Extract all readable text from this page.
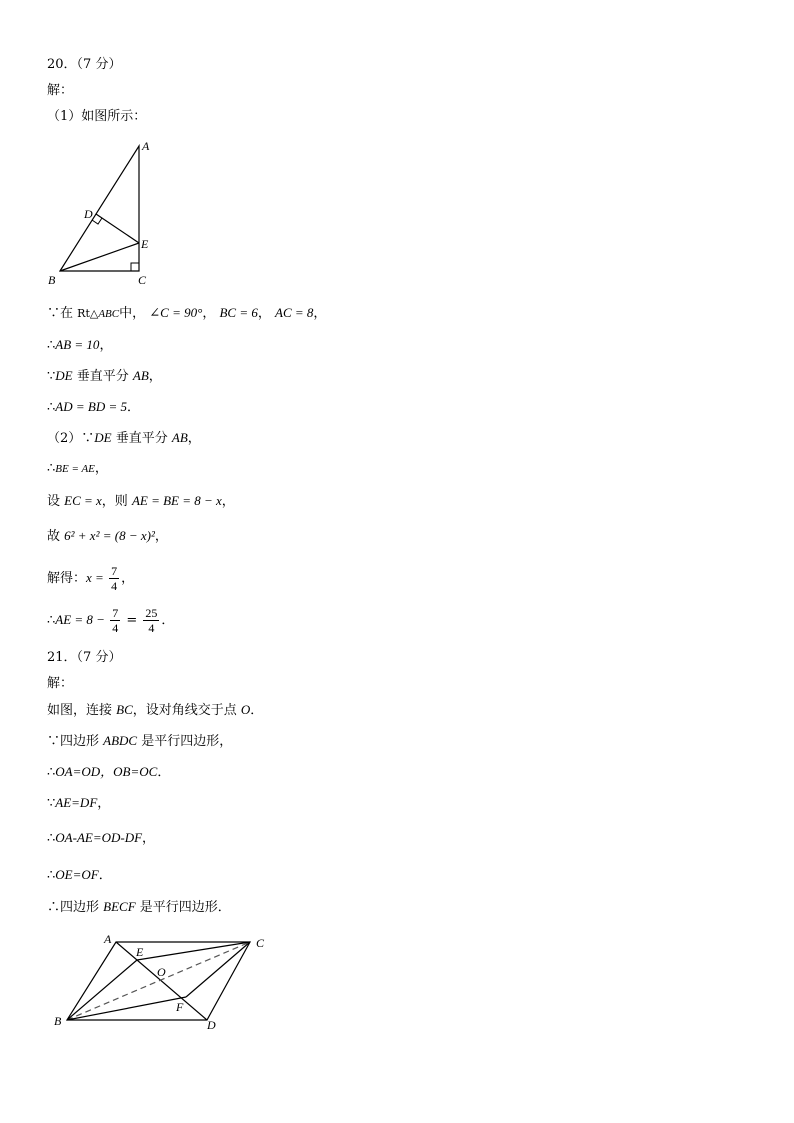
20．（7 分）
解：
（1）如图所示：
A
D
E
B	C
∵在 Rt△ABC中， ∠C = 90°， BC = 6， AC = 8，
∴AB = 10，
∵DE 垂直平分 AB，
∴AD = BD = 5．
（2）∵DE 垂直平分 AB，
∴BE = AE，
设 EC = x，则 AE = BE = 8 − x，
故 6² + x² = (8 − x)²，
解得：$x = \frac{7}{4}$ ，
∴AE = $8 - \frac{7}{4} = \frac{25}{4}$ ．
21．（7 分）
解：
如图，连接 BC，设对角线交于点 O．
∵四边形 ABDC 是平行四边形，
∴OA=OD，OB=OC．
∵AE=DF，
∴OA-AE=OD-DF，
∴OE=OF．
∴四边形 BECF 是平行四边形．
A
E
C
O
F
B	D
